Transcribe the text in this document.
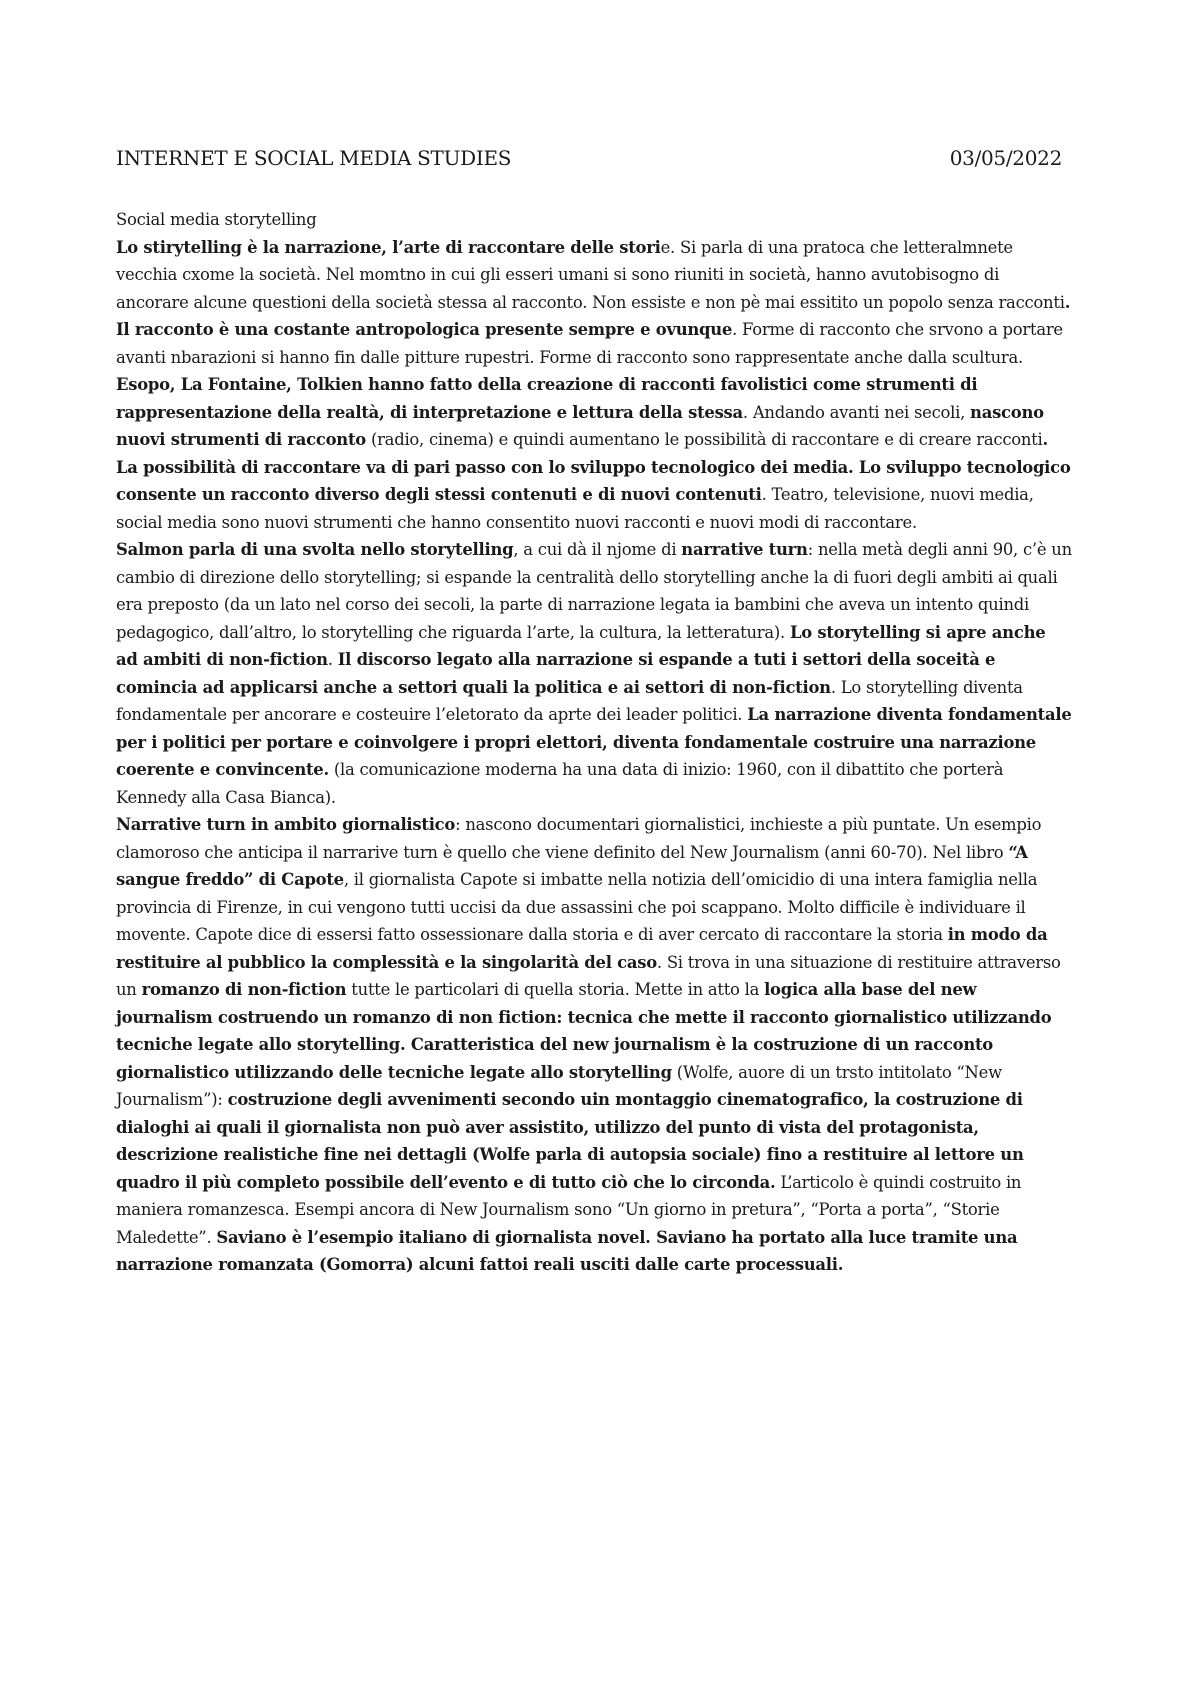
INTERNET E SOCIAL MEDIA STUDIES	03/05/2022

Social media storytelling

Lo stirytelling è la narrazione, l’arte di raccontare delle storie. Si parla di una pratoca che letteralmnete vecchia cxome la società. Nel momtno in cui gli esseri umani si sono riuniti in società, hanno avutobisogno di ancorare alcune questioni della società stessa al racconto. Non essiste e non pè mai essitito un popolo senza racconti. Il racconto è una costante antropologica presente sempre e ovunque. Forme di racconto che srvono a portare avanti nbarazioni si hanno fin dalle pitture rupestri. Forme di racconto sono rappresentate anche dalla scultura. Esopo, La Fontaine, Tolkien hanno fatto della creazione di racconti favolistici come strumenti di rappresentazione della realtà, di interpretazione e lettura della stessa. Andando avanti nei secoli, nascono nuovi strumenti di racconto (radio, cinema) e quindi aumentano le possibilità di raccontare e di creare racconti. La possibilità di raccontare va di pari passo con lo sviluppo tecnologico dei media. Lo sviluppo tecnologico consente un racconto diverso degli stessi contenuti e di nuovi contenuti. Teatro, televisione, nuovi media, social media sono nuovi strumenti che hanno consentito nuovi racconti e nuovi modi di raccontare.

Salmon parla di una svolta nello storytelling, a cui dà il njome di narrative turn: nella metà degli anni 90, c’è un cambio di direzione dello storytelling; si espande la centralità dello storytelling anche la di fuori degli ambiti ai quali era preposto (da un lato nel corso dei secoli, la parte di narrazione legata ia bambini che aveva un intento quindi pedagogico, dall’altro, lo storytelling che riguarda l’arte, la cultura, la letteratura). Lo storytelling si apre anche ad ambiti di non-fiction. Il discorso legato alla narrazione si espande a tuti i settori della soceità e comincia ad applicarsi anche a settori quali la politica e ai settori di non-fiction. Lo storytelling diventa fondamentale per ancorare e costeuire l’eletorato da aprte dei leader politici. La narrazione diventa fondamentale per i politici per portare e coinvolgere i propri elettori, diventa fondamentale costruire una narrazione coerente e convincente. (la comunicazione moderna ha una data di inizio: 1960, con il dibattito che porterà Kennedy alla Casa Bianca).

Narrative turn in ambito giornalistico: nascono documentari giornalistici, inchieste a più puntate. Un esempio clamoroso che anticipa il narrarive turn è quello che viene definito del New Journalism (anni 60-70). Nel libro “A sangue freddo” di Capote, il giornalista Capote si imbatte nella notizia dell’omicidio di una intera famiglia nella provincia di Firenze, in cui vengono tutti uccisi da due assassini che poi scappano. Molto difficile è individuare il movente. Capote dice di essersi fatto ossessionare dalla storia e di aver cercato di raccontare la storia in modo da restituire al pubblico la complessità e la singolarità del caso. Si trova in una situazione di restituire attraverso un romanzo di non-fiction tutte le particolari di quella storia. Mette in atto la logica alla base del new journalism costruendo un romanzo di non fiction: tecnica che mette il racconto giornalistico utilizzando tecniche legate allo storytelling. Caratteristica del new journalism è la costruzione di un racconto giornalistico utilizzando delle tecniche legate allo storytelling (Wolfe, auore di un trsto intitolato “New Journalism”): costruzione degli avvenimenti secondo uin montaggio cinematografico, la costruzione di dialoghi ai quali il giornalista non può aver assistito, utilizzo del punto di vista del protagonista, descrizione realistiche fine nei dettagli (Wolfe parla di autopsia sociale) fino a restituire al lettore un quadro il più completo possibile dell’evento e di tutto ciò che lo circonda. L’articolo è quindi costruito in maniera romanzesca. Esempi ancora di New Journalism sono “Un giorno in pretura”, “Porta a porta”, “Storie Maledette”. Saviano è l’esempio italiano di giornalista novel. Saviano ha portato alla luce tramite una narrazione romanzata (Gomorra) alcuni fattoi reali usciti dalle carte processuali.
